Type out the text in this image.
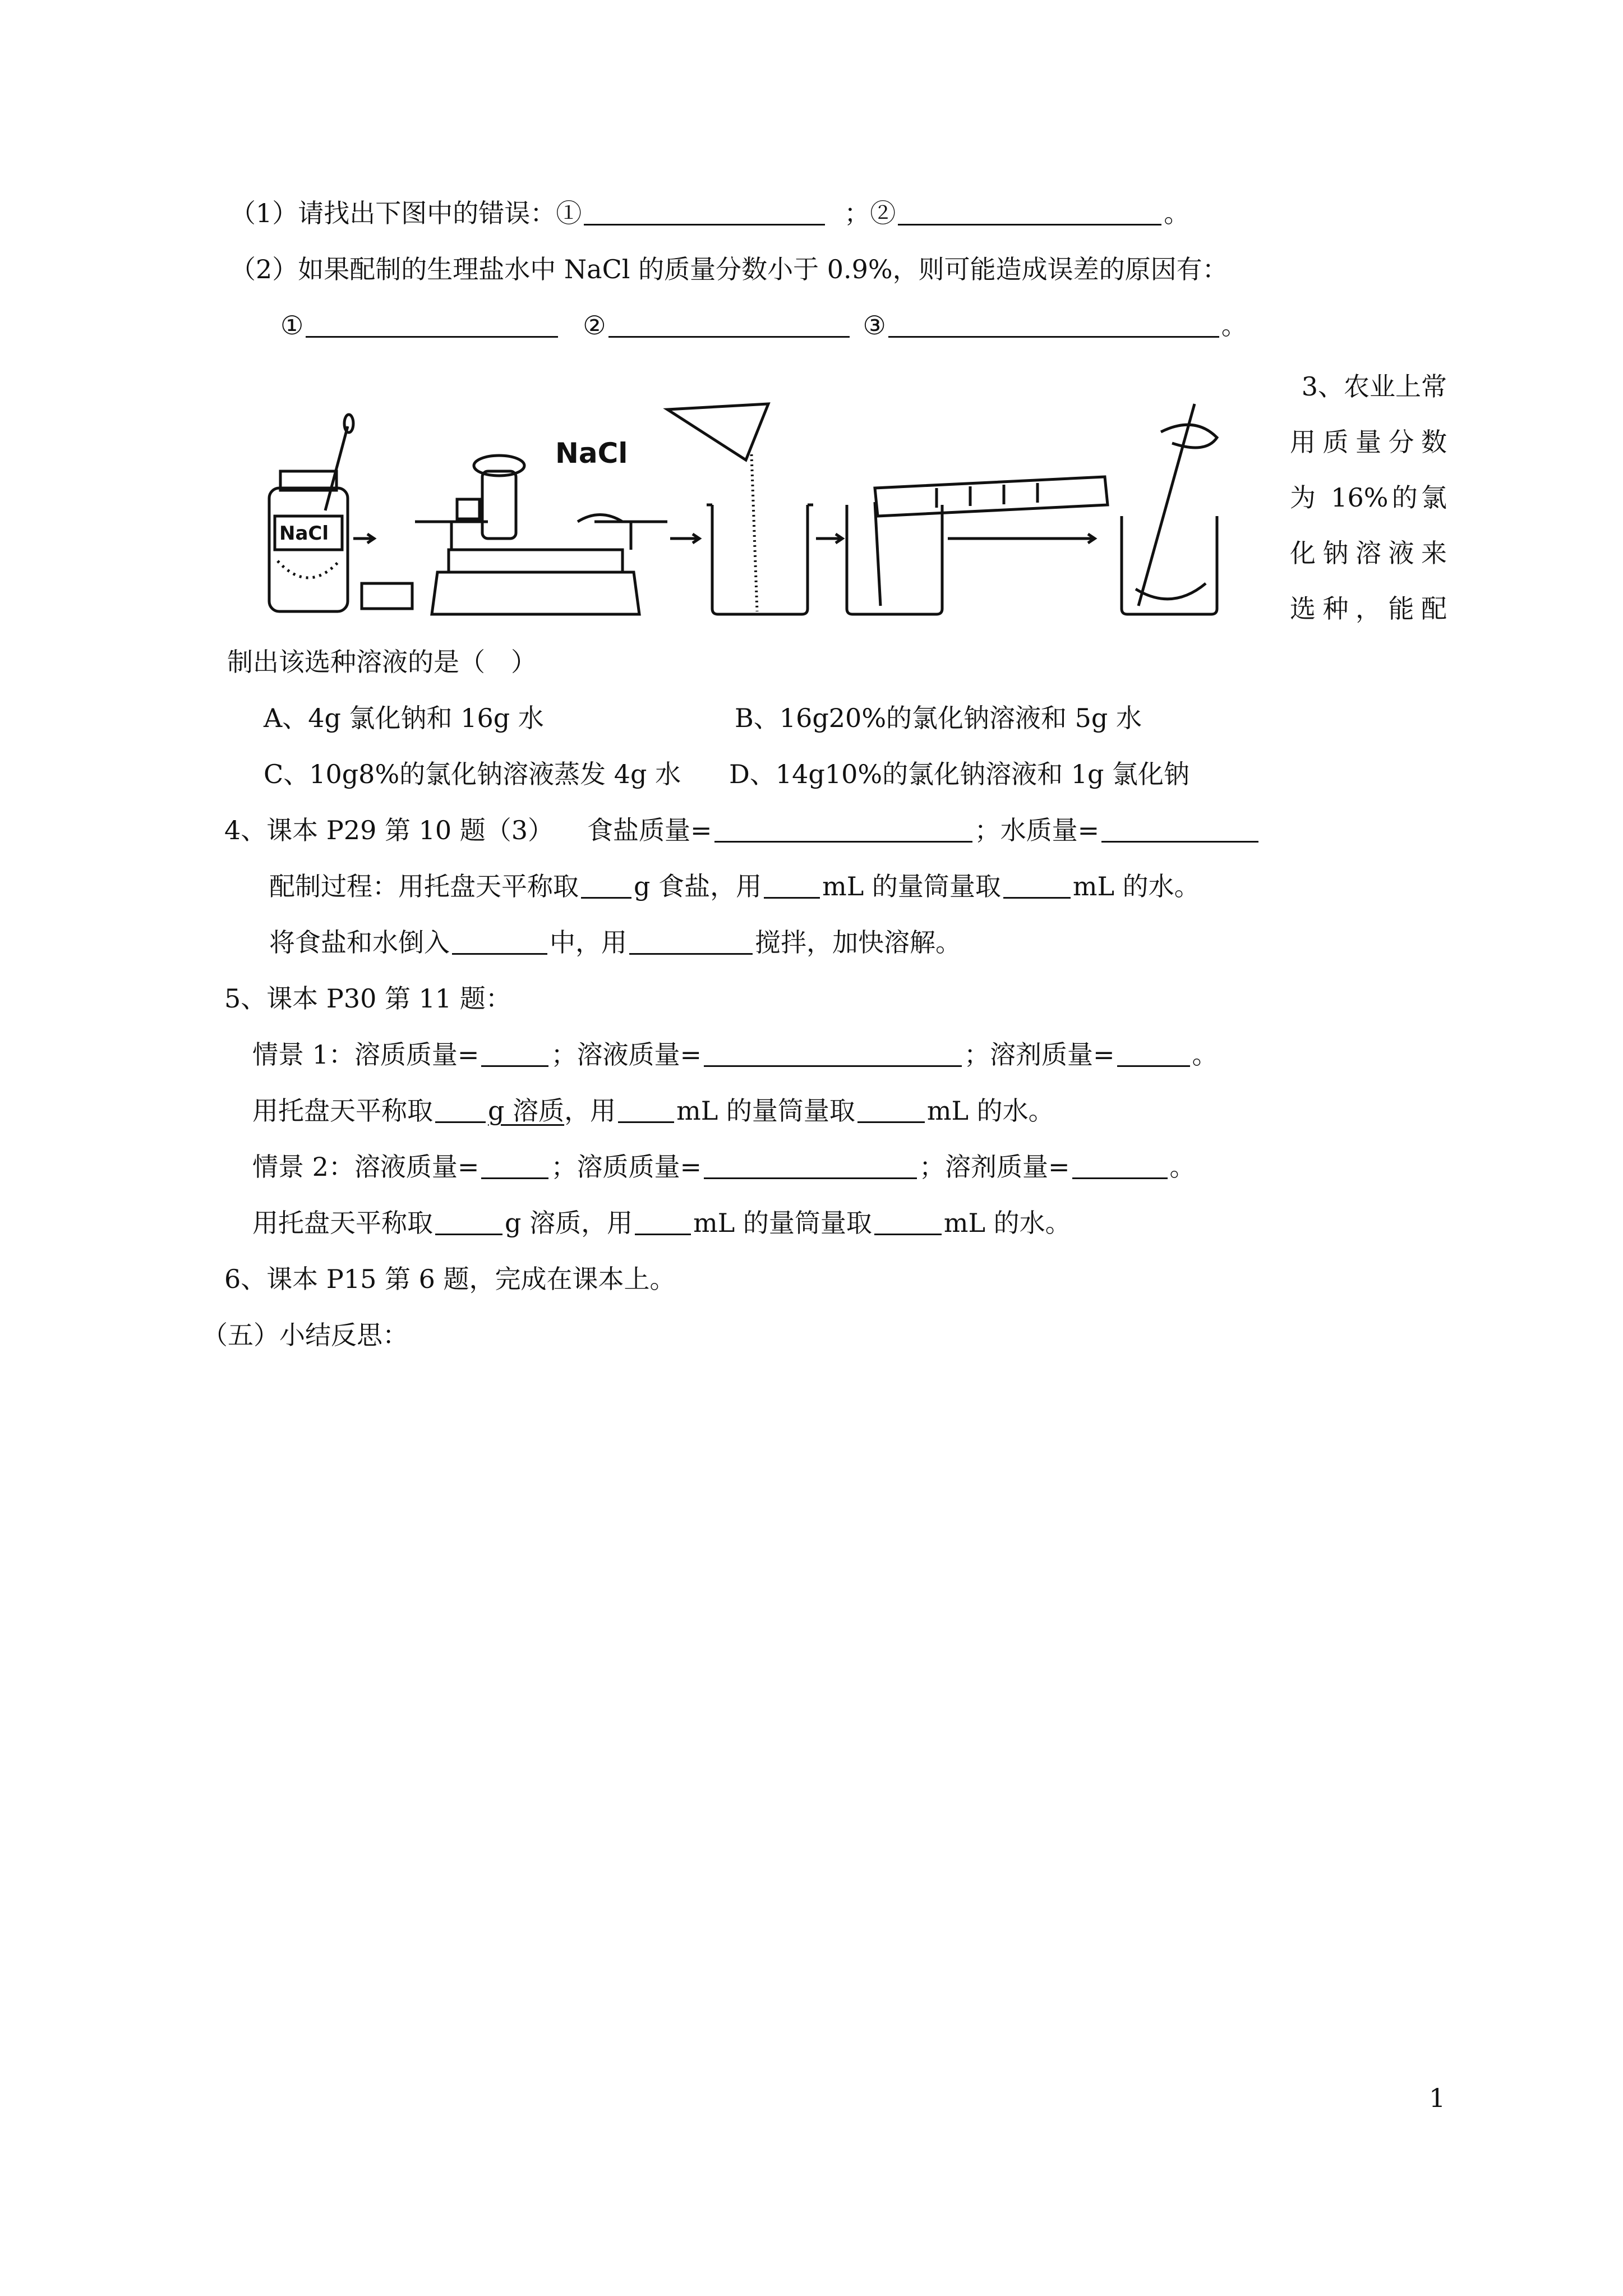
（1）请找出下图中的错误：①	；②	。
（2）如果配制的生理盐水中 NaCl 的质量分数小于 0.9%，则可能造成误差的原因有：
①	②	③	。
NaCl
NaCl
3、农业上常
用质量分数
为 16%的氯
化钠溶液来
选种，能配
制出该选种溶液的是（　）
A、4g 氯化钠和 16g 水	B、16g20%的氯化钠溶液和 5g 水
C、10g8%的氯化钠溶液蒸发 4g 水 D、14g10%的氯化钠溶液和 1g 氯化钠
4、课本 P29 第 10 题（3） 食盐质量=	；水质量=
配制过程：用托盘天平称取 g 食盐，用 mL 的量筒量取	mL 的水。
将食盐和水倒入	中，用	搅拌，加快溶解。
5、课本 P30 第 11 题：
情景 1：溶质质量=	；溶液质量=	；溶剂质量=	。
用托盘天平称取 g 溶质，用 mL 的量筒量取	mL 的水。
情景 2：溶液质量=	；溶质质量=	；溶剂质量=	。
用托盘天平称取	g 溶质，用 mL 的量筒量取	mL 的水。
6、课本 P15 第 6 题，完成在课本上。
（五）小结反思：
1
